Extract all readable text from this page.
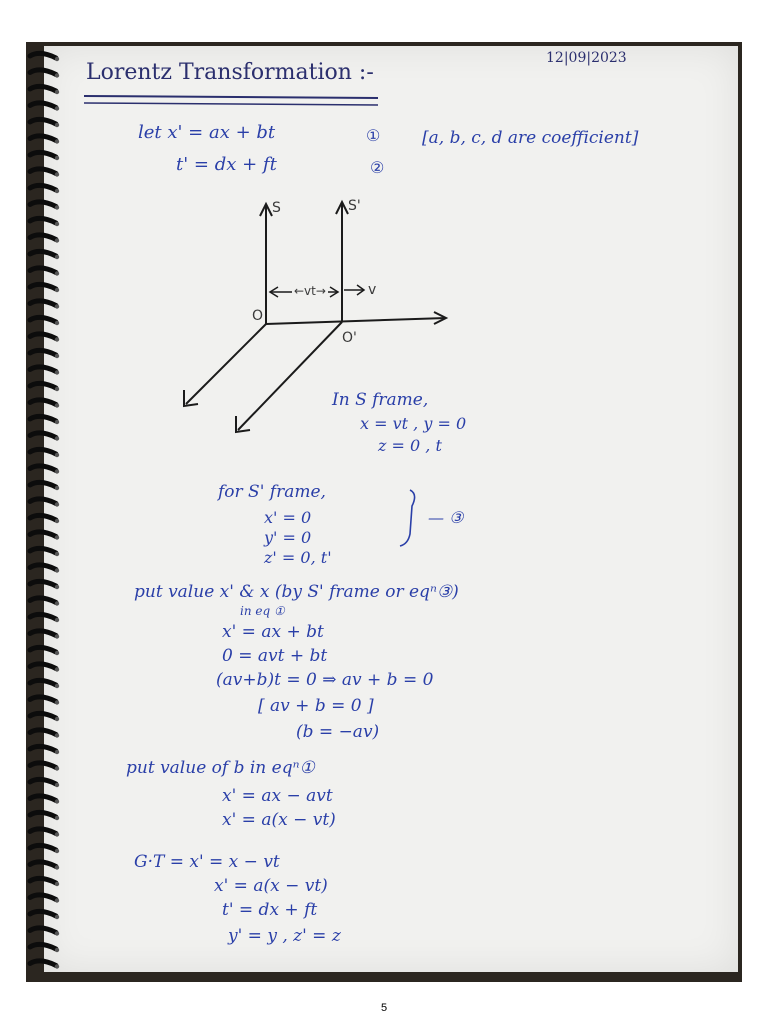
Lorentz Transformation :-
12|09|2023
let x' = ax + bt	① [a, b, c, d are coefficient]
t' = dx + ft	②
S	S'
O
O'
←vt→	v
In S frame,
x = vt , y = 0
z = 0 , t
for S' frame,
x' = 0
y' = 0
z' = 0, t'
— ③
put value x' & x (by S' frame or eqⁿ③)
in eq ①
x' = ax + bt
0 = avt + bt
(av+b)t = 0 ⇒ av + b = 0
[ av + b = 0 ]
(b = −av)
put value of b in eqⁿ①
x' = ax − avt
x' = a(x − vt)
G·T = x' = x − vt
x' = a(x − vt)
t' = dx + ft
y' = y , z' = z
5
